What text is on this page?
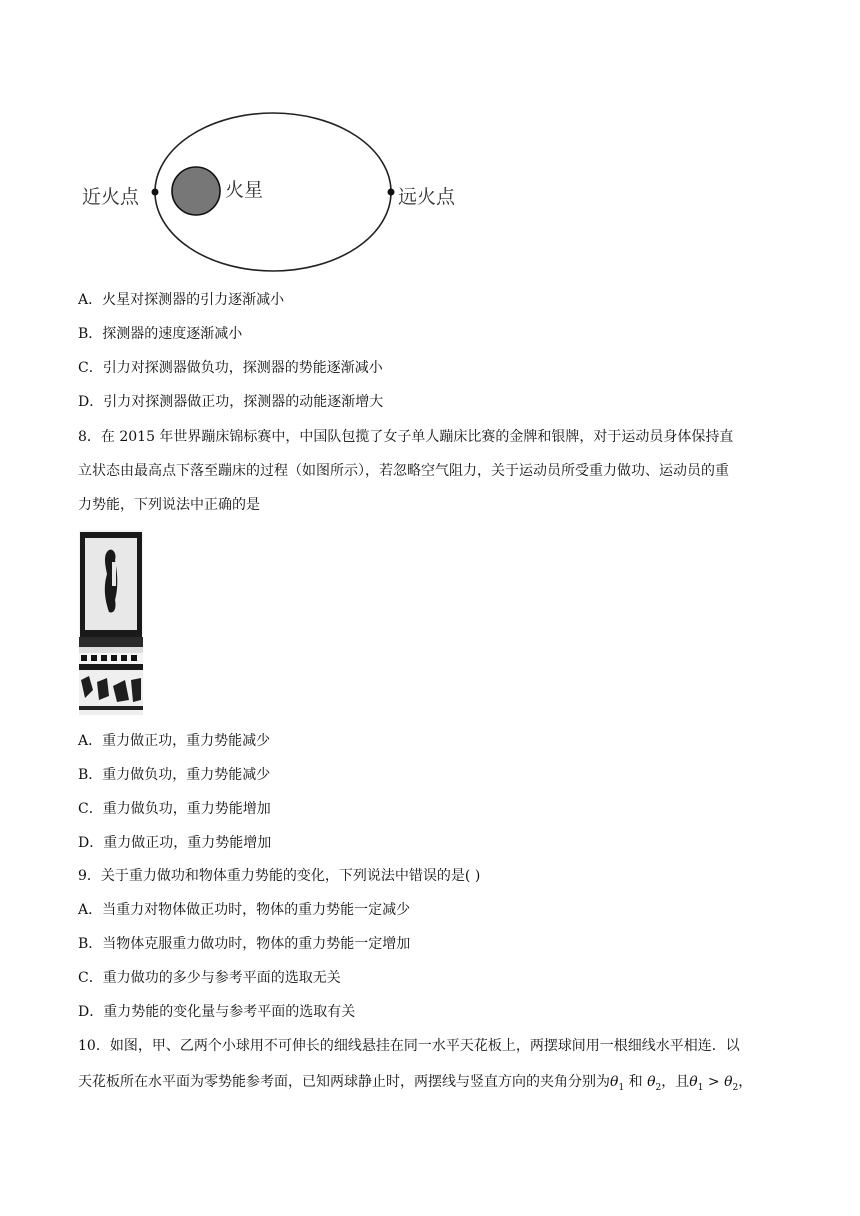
近火点	火星	远火点
A．火星对探测器的引力逐渐减小
B．探测器的速度逐渐减小
C．引力对探测器做负功，探测器的势能逐渐减小
D．引力对探测器做正功，探测器的动能逐渐增大
8．在 2015 年世界蹦床锦标赛中，中国队包揽了女子单人蹦床比赛的金牌和银牌，对于运动员身体保持直
立状态由最高点下落至蹦床的过程（如图所示），若忽略空气阻力，关于运动员所受重力做功、运动员的重
力势能，下列说法中正确的是
A．重力做正功，重力势能减少
B．重力做负功，重力势能减少
C．重力做负功，重力势能增加
D．重力做正功，重力势能增加
9．关于重力做功和物体重力势能的变化，下列说法中错误的是( )
A．当重力对物体做正功时，物体的重力势能一定减少
B．当物体克服重力做功时，物体的重力势能一定增加
C．重力做功的多少与参考平面的选取无关
D．重力势能的变化量与参考平面的选取有关
10．如图，甲、乙两个小球用不可伸长的细线悬挂在同一水平天花板上，两摆球间用一根细线水平相连．以
天花板所在水平面为零势能参考面，已知两球静止时，两摆线与竖直方向的夹角分别为$\theta_1$ 和 $\theta_2$，且$\theta_1 > \theta_2$，
